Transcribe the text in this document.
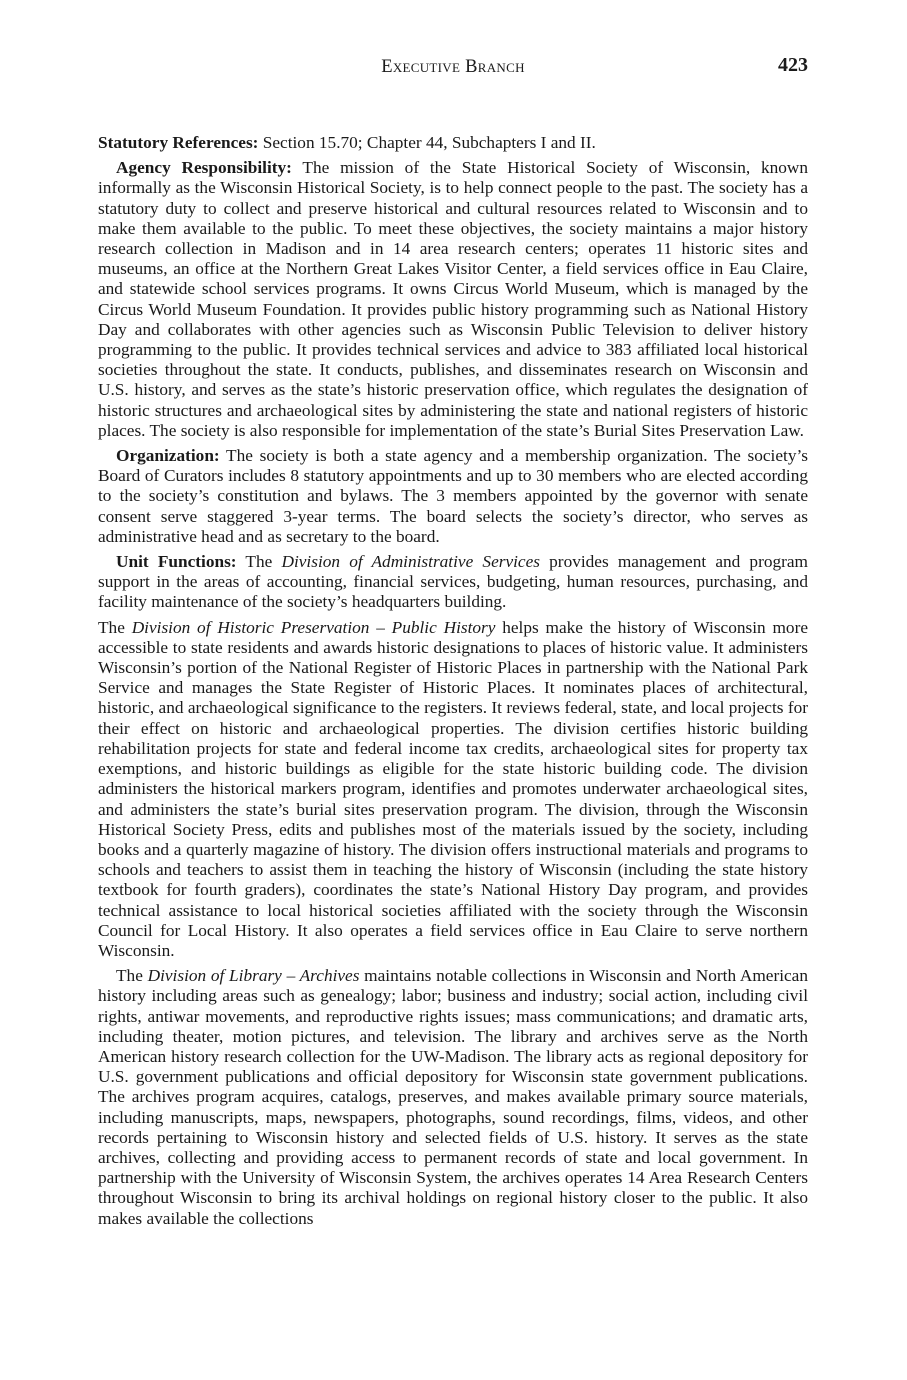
Executive Branch	423

Statutory References: Section 15.70; Chapter 44, Subchapters I and II.

Agency Responsibility: The mission of the State Historical Society of Wisconsin, known informally as the Wisconsin Historical Society, is to help connect people to the past. The society has a statutory duty to collect and preserve historical and cultural resources related to Wisconsin and to make them available to the public. To meet these objectives, the society maintains a major history research collection in Madison and in 14 area research centers; operates 11 historic sites and museums, an office at the Northern Great Lakes Visitor Center, a field services office in Eau Claire, and statewide school services programs. It owns Circus World Museum, which is managed by the Circus World Museum Foundation. It provides public history programming such as National History Day and collaborates with other agencies such as Wisconsin Public Television to deliver history programming to the public. It provides technical services and advice to 383 affiliated local historical societies throughout the state. It conducts, publishes, and disseminates research on Wisconsin and U.S. history, and serves as the state’s historic preservation office, which regulates the designation of historic structures and archaeological sites by administering the state and national registers of historic places. The society is also responsible for implementation of the state’s Burial Sites Preservation Law.

Organization: The society is both a state agency and a membership organization. The society’s Board of Curators includes 8 statutory appointments and up to 30 members who are elected according to the society’s constitution and bylaws. The 3 members appointed by the governor with senate consent serve staggered 3-year terms. The board selects the society’s director, who serves as administrative head and as secretary to the board.

Unit Functions: The Division of Administrative Services provides management and program support in the areas of accounting, financial services, budgeting, human resources, purchasing, and facility maintenance of the society’s headquarters building.

The Division of Historic Preservation – Public History helps make the history of Wisconsin more accessible to state residents and awards historic designations to places of historic value. It administers Wisconsin’s portion of the National Register of Historic Places in partnership with the National Park Service and manages the State Register of Historic Places. It nominates places of architectural, historic, and archaeological significance to the registers. It reviews federal, state, and local projects for their effect on historic and archaeological properties. The division certifies historic building rehabilitation projects for state and federal income tax credits, archaeological sites for property tax exemptions, and historic buildings as eligible for the state historic building code. The division administers the historical markers program, identifies and promotes underwater archaeological sites, and administers the state’s burial sites preservation program. The division, through the Wisconsin Historical Society Press, edits and publishes most of the materials issued by the society, including books and a quarterly magazine of history. The division offers instructional materials and programs to schools and teachers to assist them in teaching the history of Wisconsin (including the state history textbook for fourth graders), coordinates the state’s National History Day program, and provides technical assistance to local historical societies affiliated with the society through the Wisconsin Council for Local History. It also operates a field services office in Eau Claire to serve northern Wisconsin.

The Division of Library – Archives maintains notable collections in Wisconsin and North American history including areas such as genealogy; labor; business and industry; social action, including civil rights, antiwar movements, and reproductive rights issues; mass communications; and dramatic arts, including theater, motion pictures, and television. The library and archives serve as the North American history research collection for the UW-Madison. The library acts as regional depository for U.S. government publications and official depository for Wisconsin state government publications. The archives program acquires, catalogs, preserves, and makes available primary source materials, including manuscripts, maps, newspapers, photographs, sound recordings, films, videos, and other records pertaining to Wisconsin history and selected fields of U.S. history. It serves as the state archives, collecting and providing access to permanent records of state and local government. In partnership with the University of Wisconsin System, the archives operates 14 Area Research Centers throughout Wisconsin to bring its archival holdings on regional history closer to the public. It also makes available the collections
